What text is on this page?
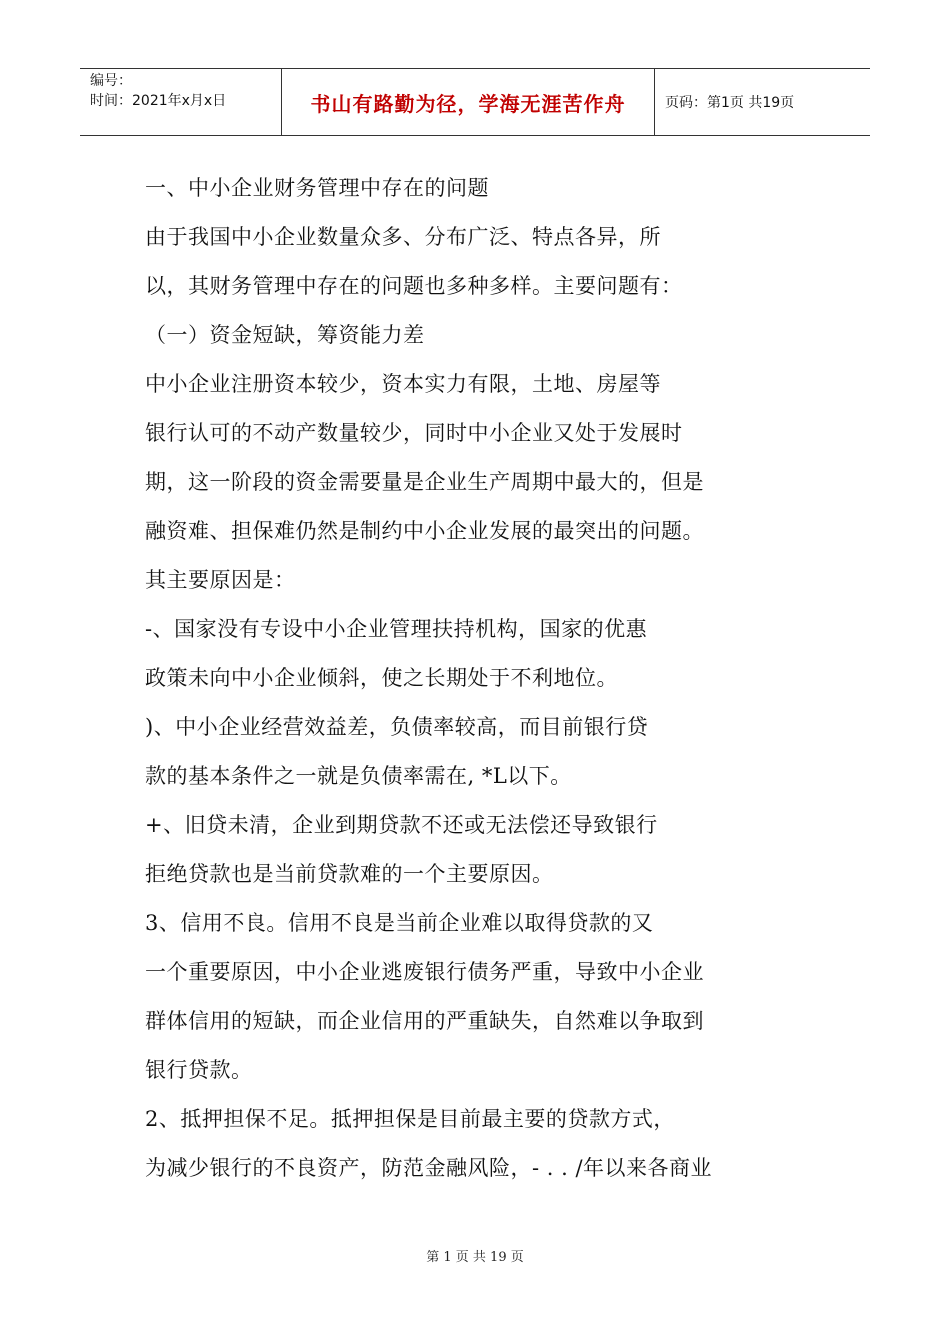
编号：
时间：2021年x月x日	书山有路勤为径，学海无涯苦作舟	页码：第1页 共19页
一、中小企业财务管理中存在的问题
由于我国中小企业数量众多、分布广泛、特点各异，所
以，其财务管理中存在的问题也多种多样。主要问题有：
（一）资金短缺，筹资能力差
中小企业注册资本较少，资本实力有限，土地、房屋等
银行认可的不动产数量较少，同时中小企业又处于发展时
期，这一阶段的资金需要量是企业生产周期中最大的，但是
融资难、担保难仍然是制约中小企业发展的最突出的问题。
其主要原因是：
-、国家没有专设中小企业管理扶持机构，国家的优惠
政策未向中小企业倾斜，使之长期处于不利地位。
)、中小企业经营效益差，负债率较高，而目前银行贷
款的基本条件之一就是负债率需在, *L以下。
+、旧贷未清，企业到期贷款不还或无法偿还导致银行
拒绝贷款也是当前贷款难的一个主要原因。
3、信用不良。信用不良是当前企业难以取得贷款的又
一个重要原因，中小企业逃废银行债务严重，导致中小企业
群体信用的短缺，而企业信用的严重缺失，自然难以争取到
银行贷款。
2、抵押担保不足。抵押担保是目前最主要的贷款方式，
为减少银行的不良资产，防范金融风险，- . . /年以来各商业
第 1 页 共 19 页
